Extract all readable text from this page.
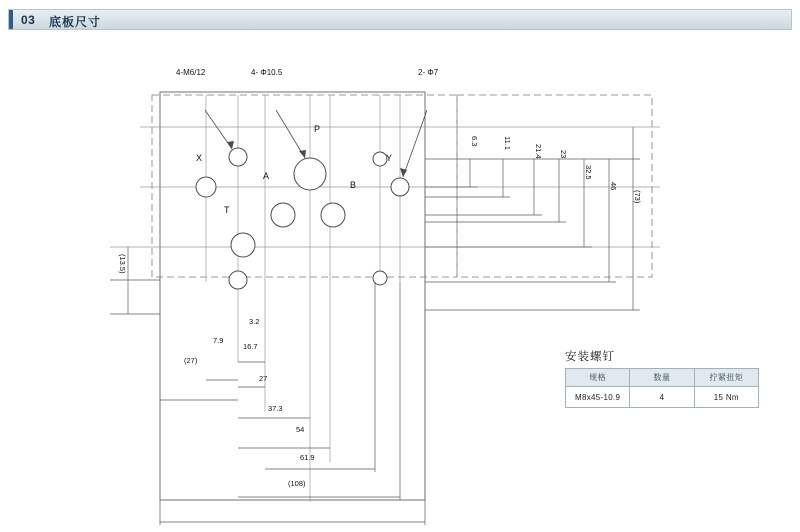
03 底板尺寸
4-M6/12	4- Φ10.5	2- Φ7
P
X	Y
A
B
T
6.3	11.1
21.4 23
32.5
46
(73)
(13.5)
3.2
7.9
16.7
(27)
27
37.3
54
61.9
(108)
安装螺钉
规格	数量	拧紧扭矩
M8x45-10.9	4	15 Nm
